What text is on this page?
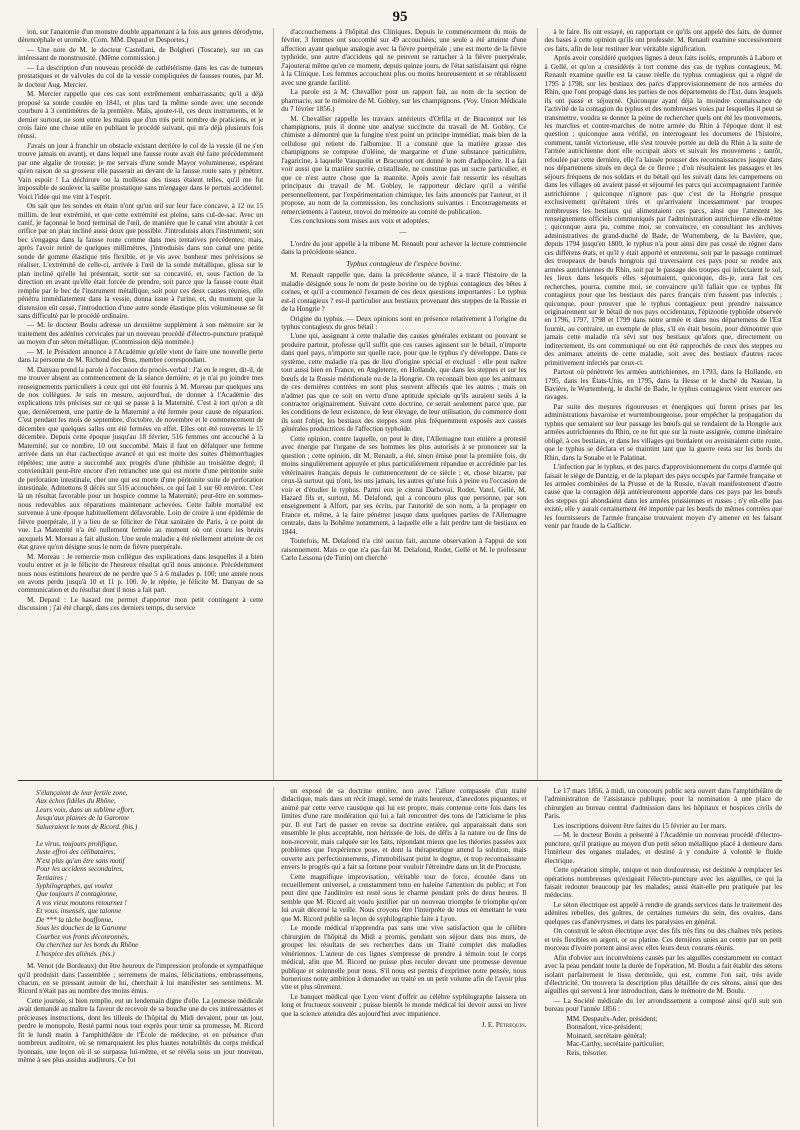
95

ion, sur l'anatomie d'un monstre double appartenant à la fois aux genres dérodyme, dérencéphale et uromèle. (Com. MM. Depaul et Desportes.)

— Une note de M. le docteur Castellani, de Bolgheri (Toscane), sur un cas intéressant de monstruosité. (Même commission.)

— La description d'un nouveau procédé de cathétérisme dans les cas de tumeurs prostatiques et de valvules du col de la vessie compliquées de fausses routes, par M. le docteur Aug. Mercier.

M. Mercier rappelle que ces cas sont extrêmement embarrassants; qu'il a déjà proposé sa sonde coudée en 1841, et plus tard la même sonde avec une seconde courbure à 3 centimètres de la première. Mais, ajoute-t-il, ces deux instruments, et le dernier surtout, ne sont entre les mains que d'un très petit nombre de praticiens, et je crois faire une chose utile en publiant le procédé suivant, qui m'a déjà plusieurs fois réussi.

J'avais un jour à franchir un obstacle existant derrière le col de la vessie (il ne s'en trouve jamais en avant), et dans lequel une fausse route avait été faite précédemment par une algalie de trousse; je me servais d'une sonde Mayor volumineuse, espérant qu'en raison de sa grosseur elle passerait au devant de la fausse route sans y pénétrer. Vain espoir ! La déchirure ou la mollesse des tissus étaient telles, qu'il me fut impossible de soulever la saillie prostatique sans m'engager dans le pertuis accidentel. Voici l'idée qui me vint à l'esprit.

On sait que les sondes en étain n'ont qu'un œil sur leur face concave, à 12 ou 15 millim. de leur extrémité, et que cette extrémité est pleine, sans cul-de-sac. Avec un canif, je façonnai le bord terminal de l'œil, de manière que le canal vint aboutir à cet orifice par un plan incliné aussi doux que possible. J'introduisis alors l'instrument; son bec s'engagea dans la fausse route comme dans mes tentatives précédentes; mais, après l'avoir retiré de quelques millimètres, j'introduisis dans son canal une petite sonde de gomme élastique très flexible, et je vis avec bonheur mes prévisions se réaliser. L'extrémité de celle-ci, arrivée à l'œil de la sonde métallique, glissa sur le plan incliné qu'elle lui présentait, sortit sur sa concavité, et, sous l'action de la direction en avant qu'elle était forcée de prendre, soit parce que la fausse route était remplie par le bec de l'instrument métallique, soit pour ces deux causes réunies, elle pénétra immédiatement dans la vessie, donna issue à l'urine, et, du moment que la distension eût cessé, l'introduction d'une autre sonde élastique plus volumineuse se fit sans difficulté par le procédé ordinaire.

— M. le docteur Boulu adresse un deuxième supplément à son mémoire sur le traitement des adénites cervicales par un nouveau procédé d'électro-puncture pratiqué au moyen d'un séton métallique. (Commission déjà nommée.)

— M. le Président annonce à l'Académie qu'elle vient de faire une nouvelle perte dans la personne de M. Richond des Brus, membre correspondant.

M. Danyau prend la parole à l'occasion du procès-verbal : J'ai eu le regret, dit-il, de me trouver absent au commencement de la séance dernière, et je n'ai pu joindre mes renseignements particuliers à ceux qui ont été fournis à M. Moreau par quelques uns de nos collègues. Je suis en mesure, aujourd'hui, de donner à l'Académie des explications très précises sur ce qui se passe à la Maternité. C'est à tort qu'on a dit que, dernièrement, une partie de la Maternité a été fermée pour cause de réparation. C'est pendant les mois de septembre, d'octobre, de novembre et le commencement de décembre que quelques salles ont été fermées en effet. Elles ont été rouvertes le 15 décembre. Depuis cette époque jusqu'au 18 février, 516 femmes ont accouché à la Maternité; sur ce nombre, 10 ont succombé. Mais il faut en défalquer une femme arrivée dans un état cachectique avancé et qui est morte des suites d'hémorrhagies répétées; une autre a succombé aux progrès d'une phthisie au troisième degré; il conviendrait peut-être encore d'en retrancher une qui est morte d'une péritonite suite de perforation intestinale, cher une qui est morte d'une péritonite suite de perforation intestinale. Admettons 8 décès sur 516 accouchées, ce qui fait 1 sur 60 environ. C'est là un résultat favorable pour un hospice comme la Maternité; peut-être en sommes-nous redevables aux réparations maintenant achevées. Cette faible mortalité est survenue à une époque habituellement défavorable. Loin de croire à une épidémie de fièvre puerpérale, il y a lieu de se féliciter de l'état sanitaire de Paris, à ce point de vue. La Maternité n'a été nullement fermée au moment où ont couru les bruits auxquels M. Moreau a fait allusion. Une seule maladie a été réellement atteinte de cet état grave qu'on désigne sous le nom de fièvre puerpérale.

M. Moreau : Je remercie mon collègue des explications dans lesquelles il a bien voulu entrer et je le félicite de l'heureux résultat qu'il nous annonce. Précédemment nous nous estimions heureux de ne perdre que 5 à 6 malades p. 100; une année nous en avons perdu jusqu'à 10 et 11 p. 100. Je le répète, je félicite M. Danyau de sa communication et du résultat dont il nous a fait part.

M. Depaul : Le hasard me permet d'apporter mon petit contingent à cette discussion ; j'ai été chargé, dans ces derniers temps, du service

d'accouchemens à l'hôpital des Cliniques. Depuis le commencement du mois de février, 3 femmes ont succombé sur 49 accouchées; une seule a été atteinte d'une affection ayant quelque analogie avec la fièvre puerpérale ; une est morte de la fièvre typhoïde, une autre d'accidens qui ne peuvent se rattacher à la fièvre puerpérale. J'ajouterai même qu'en ce moment, depuis quinze jours, de l'état satisfaisant qui règne à la Clinique. Les femmes accouchent plus ou moins heureusement et se rétablissent avec une grande facilité.

La parole est à M. Chevallier pour un rapport fait, au nom de la section de pharmacie, sur le mémoire de M. Gobley, sur les champignons. (Voy. Union Médicale du 7 février 1856.)

M. Chevallier rappelle les travaux antérieurs d'Orfila et de Braconnot sur les champignons, puis il donne une analyse succincte du travail de M. Gobley. Ce chimiste a démontré que la fungine n'est point un principe immédiat, mais bien de la cellulose qui retient de l'albumine. Il a constaté que la matière grasse des champignons se compose d'oléine, de margarine et d'une substance particulière, l'agaricine, à laquelle Vauquelin et Braconnot ont donné le nom d'adipocère. Il a fait voir aussi que la matière sucrée, cristallisée, ne constitue pas un sucre particulier, et que ce n'est autre chose que la mannite. Après avoir fait ressortir les résultats principaux du travail de M. Gobley, le rapporteur déclare qu'il a vérifié personnellement, par l'expérimentation chimique, les faits annoncés par l'auteur, et il propose, au nom de la commission, les conclusions suivantes : Encouragements et remerciements à l'auteur, renvoi du mémoire au comité de publication.

Ces conclusions sont mises aux voix et adoptées.

—

L'ordre du jour appelle à la tribune M. Renault pour achever la lecture commencée dans la précédente séance.

Typhus contagieux de l'espèce bovine.

M. Renault rappelle que, dans la précédente séance, il a tracé l'histoire de la maladie désignée sous le nom de peste bovine ou de typhus contagieux des bêtes à cornes, et qu'il a commencé l'examen de ces deux questions importantes : Le typhus est-il contagieux ? est-il particulier aux bestiaux provenant des steppes de la Russie et de la Hongrie ?

Origine du typhus. — Deux opinions sont en présence relativement à l'origine du typhus contagieux du gros bétail :

L'une qui, assignant à cette maladie des causes générales existant ou pouvant se produire partout, professe qu'il suffit que ces causes agissent sur le bétail, n'importe dans quel pays, n'importe sur quelle race, pour que le typhus s'y développe. Dans ce système, cette maladie n'a pas de lieu d'origine spécial et exclusif : elle peut naître tout aussi bien en France, en Angleterre, en Hollande, que dans les steppes et sur les bœufs de la Russie méridionale ou de la Hongrie. On reconnaît bien que les animaux de ces dernières contrées en sont plus souvent affectés que les autres ; mais on n'admet pas que ce soit en vertu d'une aptitude spéciale qu'ils auraient seuls à la contracter originairement. Suivant cette doctrine, ce serait seulement parce que, par les conditions de leur existence, de leur élevage, de leur utilisation, du commerce dont ils sont l'objet, les bestiaux des steppes sont plus fréquemment exposés aux causes générales productrices de l'affection typhoïde.

Cette opinion, contre laquelle, on peut le dire, l'Allemagne tout entière a protesté avec énergie par l'organe de ses hommes les plus autorisés à se prononcer sur la question ; cette opinion, dit M. Renault, a été, sinon émise pour la première fois, du moins singulièrement appuyée et plus particulièrement répandue et accréditée par les vétérinaires français depuis le commencement de ce siècle ; et, chose bizarre, par ceux-là surtout qui n'ont, les uns jamais, les autres qu'une fois à peine eu l'occasion de voir et d'étudier le typhus. Parmi eux je citerai Darbovai, Rodet, Vatel, Gellé, M. Hazard fils et, surtout, M. Delafond, qui a concouru plus que personne, par son enseignement à Alfort, par ses écrits, par l'autorité de son nom, à la propager en France et, même, à la faire pénétrer jusque dans quelques parties de l'Allemagne centrale, dans la Bohême notamment, à laquelle elle a fait perdre tant de bestiaux en 1844.

Toutefois, M. Delafond n'a cité aucun fait, aucune observation à l'appui de son raisonnement. Mais ce que n'a pas fait M. Delafond, Rodet, Gellé et M. le professeur Carlo Lessona (de Turin) ont cherché

à le faire. Ils ont essayé, en rapportant ce qu'ils ont appelé des faits, de donner des bases à cette opinion qu'ils ont professée. M. Renault examine successivement ces faits, afin de leur restituer leur véritable signification.

Après avoir considéré quelques lignes à deux faits isolés, empruntés à Labore et à Gellé, et qu'on a considérés à tort comme des cas de typhus contagieux, M. Renault examine quelle est la cause réelle du typhus contagieux qui a régné de 1795 à 1798, sur les bestiaux des parcs d'approvisionnement de nos armées du Rhin, que l'ont propagé dans les parties de nos départements de l'Est, dans lesquels ils ont passé et séjourné. Quiconque ayant déjà la moindre connaissance de l'activité de la contagion du typhus et des nombreuses voies par lesquelles il peut se transmettre, voudra se donner la peine de rechercher quels ont été les mouvements, les marches et contre-marches de notre armée du Rhin à l'époque dont il est question ; quiconque aura vérifié, en interrogeant les documens de l'histoire, comment, tantôt victorieuse, elle s'est trouvée portée au delà du Rhin à la suite de l'armée autrichienne dont elle occupait alors et suivait les mouvemens ; tantôt, refoulée par cette dernière, elle l'a laissée pousser des reconnaissances jusque dans nos départemens situés en deçà de ce fleuve ; d'où résultaient les passages et les séjours fréquens de nos soldats et du bétail qui les suivait dans les campemens ou dans les villages où avaient passé et séjourné les parcs qui accompagnaient l'armée autrichienne ; quiconque n'ignore pas que c'est de la Hongrie presque exclusivement qu'étaient tirés et qu'arrivaient incessamment par troupes nombreuses les bestiaux qui alimentaient ces parcs, ainsi que l'attestent les renseignemens officiels communiqués par l'administration autrichienne elle-même ; quiconque aura pu, comme moi, se convaincre, en consultant les archives administratives du grand-duché de Bade, de Wurtemberg, de la Bavière, que, depuis 1794 jusqu'en 1800, le typhus n'a pour ainsi dire pas cessé de régner dans ces différens états, et qu'il y était apporté et entretenu, soit par le passage continuel des troupeaux de bœufs hongrois qui traversaient ces pays pour se rendre aux armées autrichiennes du Rhin, soit par le passage des troupes qui infectaient le sol, les lieux dans lesquels elles séjournaient, quiconque, dis-je, aura fait ces recherches, pourra, comme moi, se convaincre qu'il fallait que ce typhus fût contagieux pour que les bestiaux des parcs français n'en fussent pas infectés ; quiconque, pour prouver que le typhus contagieux peut prendre naissance originairement sur le bétail de nos pays occidentaux, l'épizootie typhoïde observée en 1796, 1797, 1798 et 1799 dans notre armée et dans nos départemens de l'Est fournit, au contraire, un exemple de plus, s'il en était besoin, pour démontrer que jamais cette maladie n'a sévi sur nos bestiaux qu'alors que, directement ou indirectement, ils ont communiqué ou ont été rapprochés de ceux des steppes ou des animaux atteints de cette maladie, soit avec des bestiaux d'autres races primitivement infectés par ceux-ci.

Partout où pénètrent les armées autrichiennes, en 1793, dans la Hollande, en 1795, dans les États-Unis, en 1795, dans la Hesse et le duché du Nassau, la Bavière, le Wurtemberg, le duché de Bade, le typhus contagieux vient exercer ses ravages.

Par suite des mesures rigoureuses et énergiques qui furent prises par les administrations bavaroise et wurtembourgeoise, pour empêcher la propagation du typhus que semaient sur leur passage les bœufs qui se rendaient de la Hongrie aux armées autrichiennes du Rhin, ce ne fut que sur la route assignée, comme itinéraire obligé, à ces bestiaux, et dans les villages qui bordaient ou avoisinaient cette route, que le typhus se déclara et se maintint tant que la guerre resta sur les bords du Rhin, dans la Souabe et le Palatinat.

L'infection par le typhus, et des parcs d'approvisionnement du corps d'armée qui faisait le siège de Dantzig, et de la plupart des pays occupés par l'armée française et les armées combinées de la Prusse et de la Russie, n'avait manifestement d'autre cause que la contagion déjà antérieurement apportée dans ces pays par les bœufs des steppes qui abondaient dans les armées prussiennes et russes ; n'y eût-elle pas existé, elle y aurait certainement été importée par les bœufs de mêmes contrées que les fournisseurs de l'armée française trouvaient moyen d'y amener en les faisant venir par fraude de la Gallicie.

S'élançaient de leur fertile zone,
Aux échos fidèles du Rhône,
Leurs voix, dans un sublime effort,
Jusqu'aux plaines de la Garonne
Salueraient le nom de Ricord. (bis.)

Le virus, toujours prolifique,
Juste effroi des célibataires,
N'est plus qu'un être sans motif
Pour les accidens secondaires,
Tertiaires ;
Syphilographes, qui voulez
Que toujours il contagionne,
A vos vieux moutons retournez !
Et vous, insensés, que talonne
De *** la tâche bouffonne,
Sous les douches de la Garonne
Courbez vos fronts déconronnés,
Ou cherchez sur les bords du Rhône
L'hospice des aliénés. (bis.)

M. Venot (de Bordeaux) dut être heureux de l'impression profonde et sympathique qu'il produisit dans l'assemblée ; serremens de mains, félicitations, embrassemens, chacun, en se pressant autour de lui, cherchait à lui manifester ses sentimens. M. Ricord n'était pas au nombre des moins émus.

Cette journée, si bien remplie, eut un lendemain digne d'elle. La jeunesse médicale avait demandé au maître la faveur de recevoir de sa bouche une de ces intéressantes et précieuses instructions, dont les tilleuls de l'hôpital du Midi devaient, pour un jour, perdre le monopole. Resté parmi nous tout exprès pour tenir sa promesse, M. Ricord fit le lundi matin à l'amphithéâtre de l'École de médecine, et en présence d'un nombreux auditoire, où se remarquaient les plus hautes notabilités du corps médical lyonnais, une leçon où il se surpassa lui-même, et se révéla sous un jour nouveau, même à ses plus assidus auditeurs. Ce fut

un exposé de sa doctrine entière, non avec l'allure compassée d'un traité didactique, mais dans un récit imagé, semé de traits heureux, d'anecdotes piquantes, et animé par cette verve caustique qui lui est propre, mais contenue cette fois dans les limites d'une rare modération qui lui a fait rencontrer des tons de l'atticisme le plus pur. Il eut l'art de passer en revue sa doctrine entière, qui apparaissait dans son ensemble le plus acceptable, non hérissée de lois, de défis à la nature ou de fins de non-recevoir, mais calquée sur les faits, répondant mieux que les théories passées aux problèmes que l'expérience pose, et dont la thérapeutique attend la solution, mais ouverte aux perfectionnemens, d'immobilisant point le dogme, et trop reconnaissante envers le progrès qui a fait sa fortune pour vouloir l'étreindre dans un lit de Procuste.

Cette magnifique improvisation, véritable tour de force, écoutée dans un recueillement universel, a constamment tenu en haleine l'attention du public; et l'on peut dire que l'auditoire est resté sous le charme pendant près de deux heures. Il semble que M. Ricord ait voulu justifier par un nouveau triomphe le triomphe qu'on lui avait décerné la veille. Nous croyons être l'interprète de tous en émettant le vœu que M. Ricord publie sa leçon de syphilographie faite à Lyon.

Le monde médical n'apprendra pas sans une vive satisfaction que le célèbre chirurgien de l'hôpital du Midi a promis, pendant son séjour dans nos murs, de grouper les résultats de ses recherches dans un Traité complet des maladies vénériennes. L'auteur de ces lignes s'empresse de prendre à témoin tout le corps médical, afin que M. Ricord ne puisse plus reculer devant une promesse devenue publique et solennelle pour nous. S'il nous est permis d'exprimer notre pensée, nous hornerions notre ambition à demander un traité en un petit volume afin de l'avoir plus vite et plus sûrement.

Le banquet médical que Lyon vient d'offrir au célèbre syphilographe laissera un long et fructueux souvenir ; puisse bientôt le monde médical lui devoir aussi un livre que la science attendra dès aujourd'hui avec impatience.

J. E. Pétrequin.

Le 17 mars 1856, à midi, un concours public sera ouvert dans l'amphithéâtre de l'administration de l'assistance publique, pour la nomination à une place de chirurgien au bureau central d'admission dans les hôpitaux et hospices civils de Paris.

Les inscriptions doivent être faites du 15 février au 1er mars.

— M. le docteur Boulu a présenté à l'Académie un nouveau procédé d'électro-puncture, qu'il pratique au moyen d'un petit séton métallique placé à demeure dans l'intérieur des organes malades, et destiné à y conduire à volonté le fluide électrique.

Cette opération simple, unique et non douloureuse, est destinée à remplacer les opérations nombreuses qu'exigeait l'électro-puncture avec les aiguilles, ce qui la faisait redouter beaucoup par les malades; aussi était-elle peu pratiquée par les médecins.

Le séton électrique est appelé à rendre de grands services dans le traitement des adénites rebelles, des goîtres, de certaines tumeurs du sein, des ovaires, dans quelques cas d'anévrysmes, et dans les paralysies en général.

On construit le séton électrique avec des fils très fins ou des chaînes très petites et très flexibles en argent, or ou platine. Ces dernières unies au centre par un petit morceau d'ivoire portent ainsi avec elles leurs deux courans réunis.

Afin d'obvier aux inconvéniens causés par les aiguilles constamment en contact avec la peau pendant toute la durée de l'opération, M. Boulu a fait établir des sétons isolant parfaitement le tissu dermoïde, qui est, comme l'on sait, très avide d'électricité. On trouvera la description plus détaillée de ces sétons, ainsi que des aiguilles qui servent à leur introduction, dans le mémoire de M. Boulu.

— La Société médicale du 1er arrondissement a composé ainsi qu'il suit son bureau pour l'année 1856 :

MM. Despaulx-Ader, président;
Bonnafont, vice-président;
Moinard, secrétaire général;
Mac-Carthy, secrétaire particulier;
Reis, trésorier.
